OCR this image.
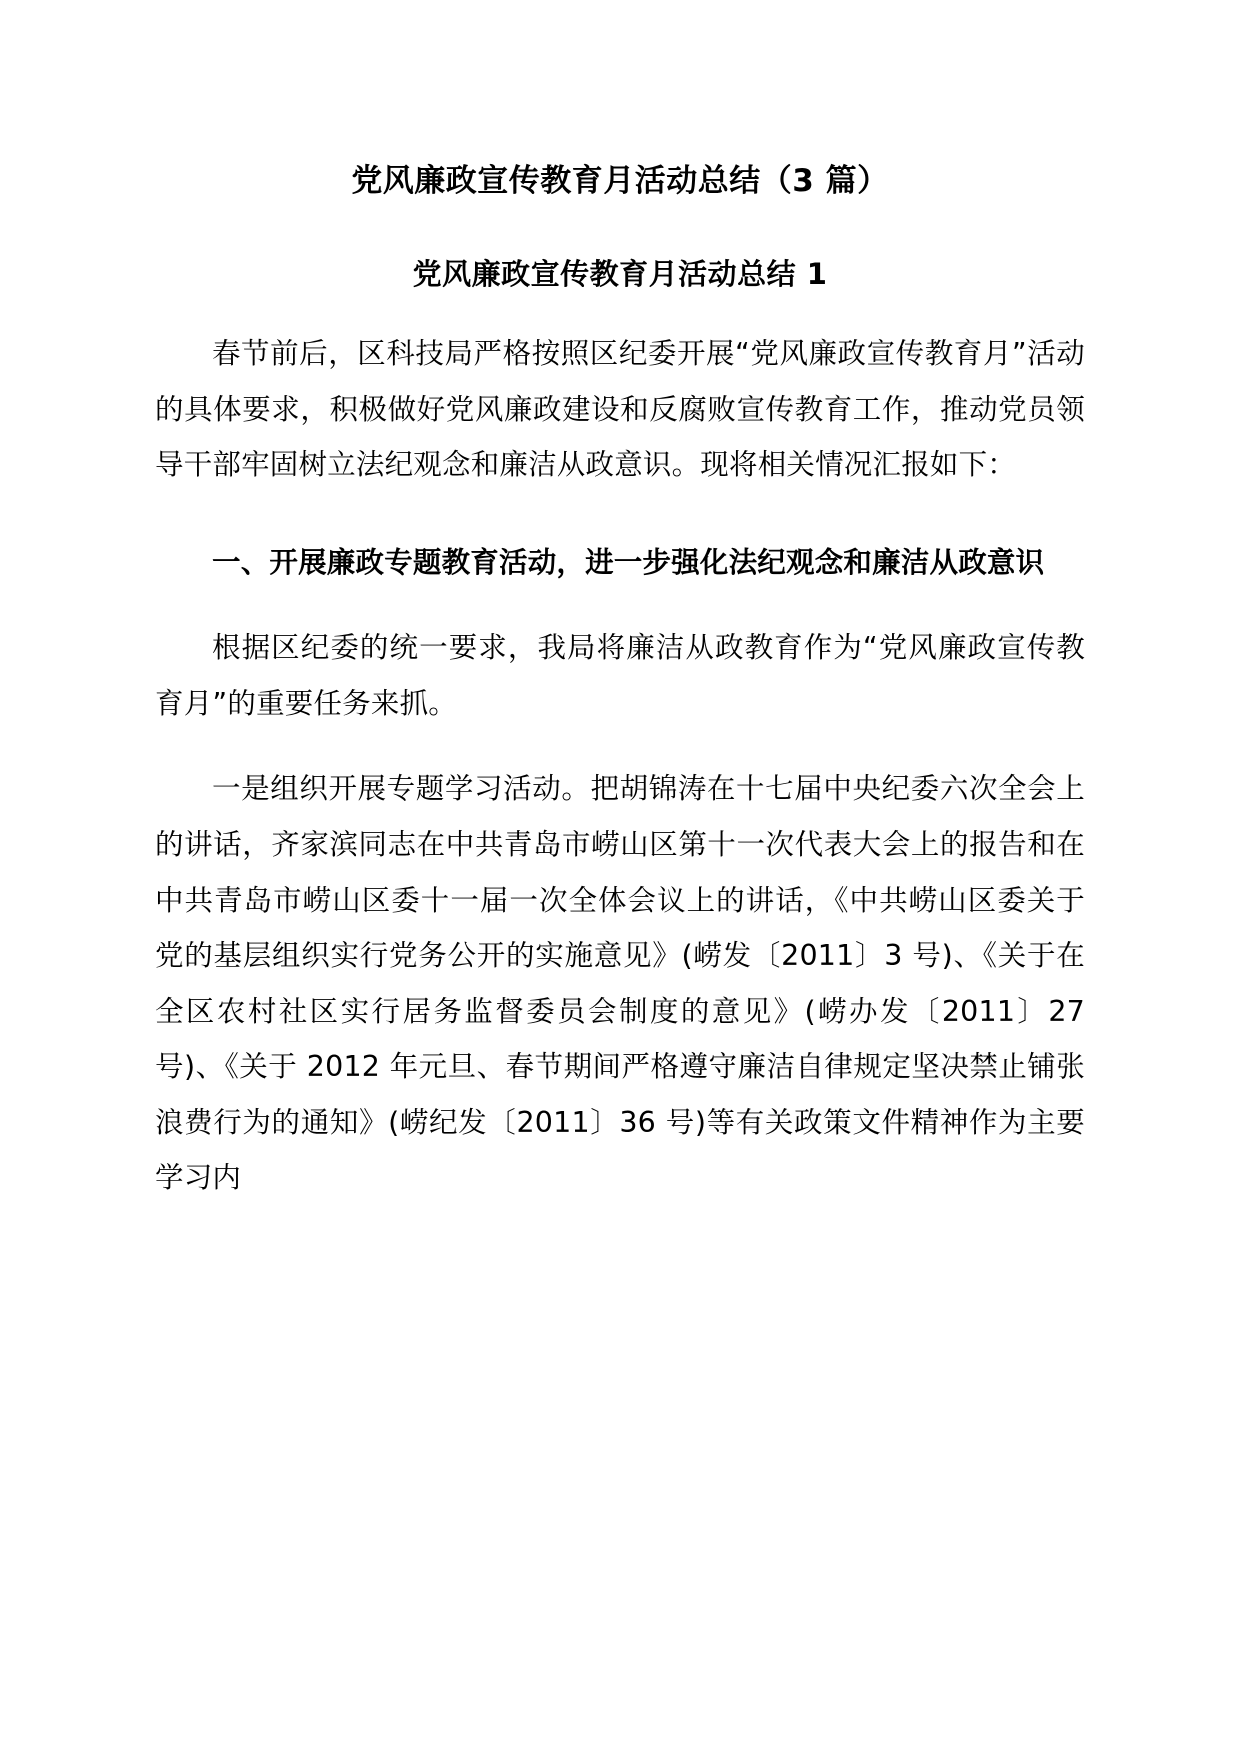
党风廉政宣传教育月活动总结（3 篇）
党风廉政宣传教育月活动总结 1

春节前后，区科技局严格按照区纪委开展“党风廉政宣传教育月”活动的具体要求，积极做好党风廉政建设和反腐败宣传教育工作，推动党员领导干部牢固树立法纪观念和廉洁从政意识。现将相关情况汇报如下：

一、开展廉政专题教育活动，进一步强化法纪观念和廉洁从政意识

根据区纪委的统一要求，我局将廉洁从政教育作为“党风廉政宣传教育月”的重要任务来抓。

一是组织开展专题学习活动。把胡锦涛在十七届中央纪委六次全会上的讲话，齐家滨同志在中共青岛市崂山区第十一次代表大会上的报告和在中共青岛市崂山区委十一届一次全体会议上的讲话，《中共崂山区委关于党的基层组织实行党务公开的实施意见》(崂发〔2011〕3 号)、《关于在全区农村社区实行居务监督委员会制度的意见》(崂办发〔2011〕27 号)、《关于 2012 年元旦、春节期间严格遵守廉洁自律规定坚决禁止铺张浪费行为的通知》(崂纪发〔2011〕36 号)等有关政策文件精神作为主要学习内
